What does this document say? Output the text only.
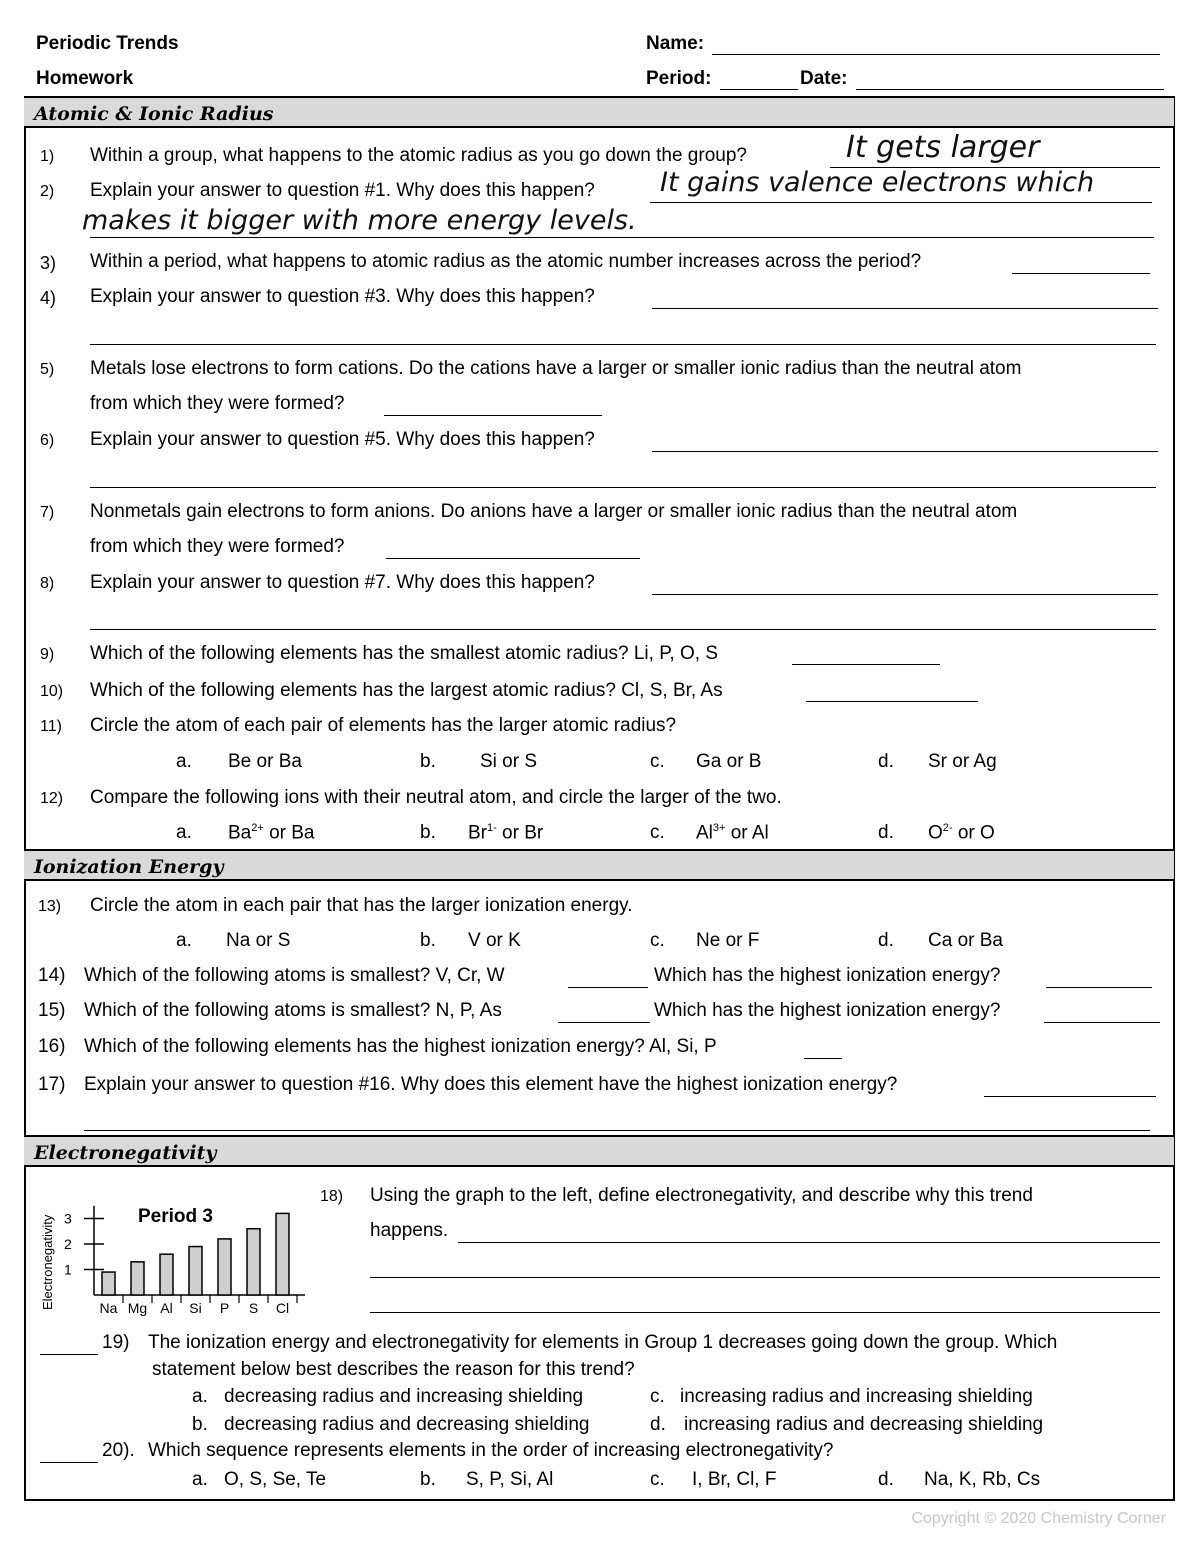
Periodic Trends
Homework
Name:
Period:	Date:
Atomic & Ionic Radius
1) Within a group, what happens to the atomic radius as you go down the group?	It gets larger
2) Explain your answer to question #1. Why does this happen? It gains valence electrons which
makes it bigger with more energy levels.
3) Within a period, what happens to atomic radius as the atomic number increases across the period?
4) Explain your answer to question #3. Why does this happen?
5) Metals lose electrons to form cations. Do the cations have a larger or smaller ionic radius than the neutral atom
from which they were formed?
6) Explain your answer to question #5. Why does this happen?
7) Nonmetals gain electrons to form anions. Do anions have a larger or smaller ionic radius than the neutral atom
from which they were formed?
8) Explain your answer to question #7. Why does this happen?
9) Which of the following elements has the smallest atomic radius? Li, P, O, S
10) Which of the following elements has the largest atomic radius? Cl, S, Br, As
11) Circle the atom of each pair of elements has the larger atomic radius?
a. Be or Ba	b. Si or S	c. Ga or B	d. Sr or Ag
12) Compare the following ions with their neutral atom, and circle the larger of the two.
a. $Ba^{2+}$ or Ba	b. $Br^{1-}$ or Br	c. $Al^{3+}$ or Al	d. $O^{2-}$ or O
Ionization Energy
13) Circle the atom in each pair that has the larger ionization energy.
a. Na or S	b. V or K	c. Ne or F	d. Ca or Ba
14) Which of the following atoms is smallest? V, Cr, W	Which has the highest ionization energy?
15) Which of the following atoms is smallest? N, P, As	Which has the highest ionization energy?
16) Which of the following elements has the highest ionization energy? Al, Si, P
17) Explain your answer to question #16. Why does this element have the highest ionization energy?
Electronegativity
Electronegativity	Period 3
Na Mg Al Si P S Cl
1
2
3
18) Using the graph to the left, define electronegativity, and describe why this trend
happens.
19) The ionization energy and electronegativity for elements in Group 1 decreases going down the group. Which
statement below best describes the reason for this trend?
a. decreasing radius and increasing shielding	c. increasing radius and increasing shielding
b. decreasing radius and decreasing shielding	d. increasing radius and decreasing shielding
20). Which sequence represents elements in the order of increasing electronegativity?
a. O, S, Se, Te	b. S, P, Si, Al	c. I, Br, Cl, F	d. Na, K, Rb, Cs
Copyright © 2020 Chemistry Corner
